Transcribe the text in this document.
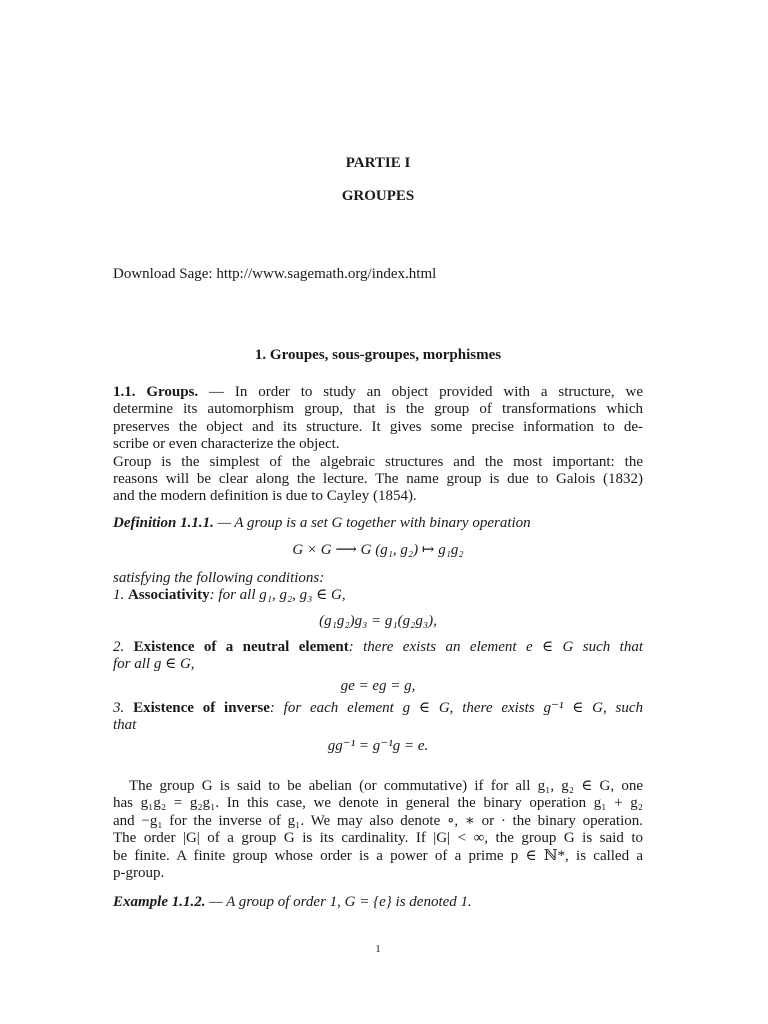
PARTIE I
GROUPES
Download Sage: http://www.sagemath.org/index.html
1. Groupes, sous-groupes, morphismes
1.1. Groups. — In order to study an object provided with a structure, we
determine its automorphism group, that is the group of transformations which
preserves the object and its structure. It gives some precise information to de-
scribe or even characterize the object.
Group is the simplest of the algebraic structures and the most important: the
reasons will be clear along the lecture. The name group is due to Galois (1832)
and the modern definition is due to Cayley (1854).
Definition 1.1.1. — A group is a set G together with binary operation
G × G ⟶ G (g₁, g₂) ↦ g₁g₂
satisfying the following conditions:
1. Associativity: for all g₁, g₂, g₃ ∈ G,
(g₁g₂)g₃ = g₁(g₂g₃),
2. Existence of a neutral element: there exists an element e ∈ G such that
for all g ∈ G,
ge = eg = g,
3. Existence of inverse: for each element g ∈ G, there exists g⁻¹ ∈ G, such
that
gg⁻¹ = g⁻¹g = e.
The group G is said to be abelian (or commutative) if for all g₁, g₂ ∈ G, one
has g₁g₂ = g₂g₁. In this case, we denote in general the binary operation g₁ + g₂
and −g₁ for the inverse of g₁. We may also denote ∘, ∗ or · the binary operation.
The order |G| of a group G is its cardinality. If |G| < ∞, the group G is said to
be finite. A finite group whose order is a power of a prime p ∈ ℕ*, is called a
p-group.
Example 1.1.2. — A group of order 1, G = {e} is denoted 1.
1
